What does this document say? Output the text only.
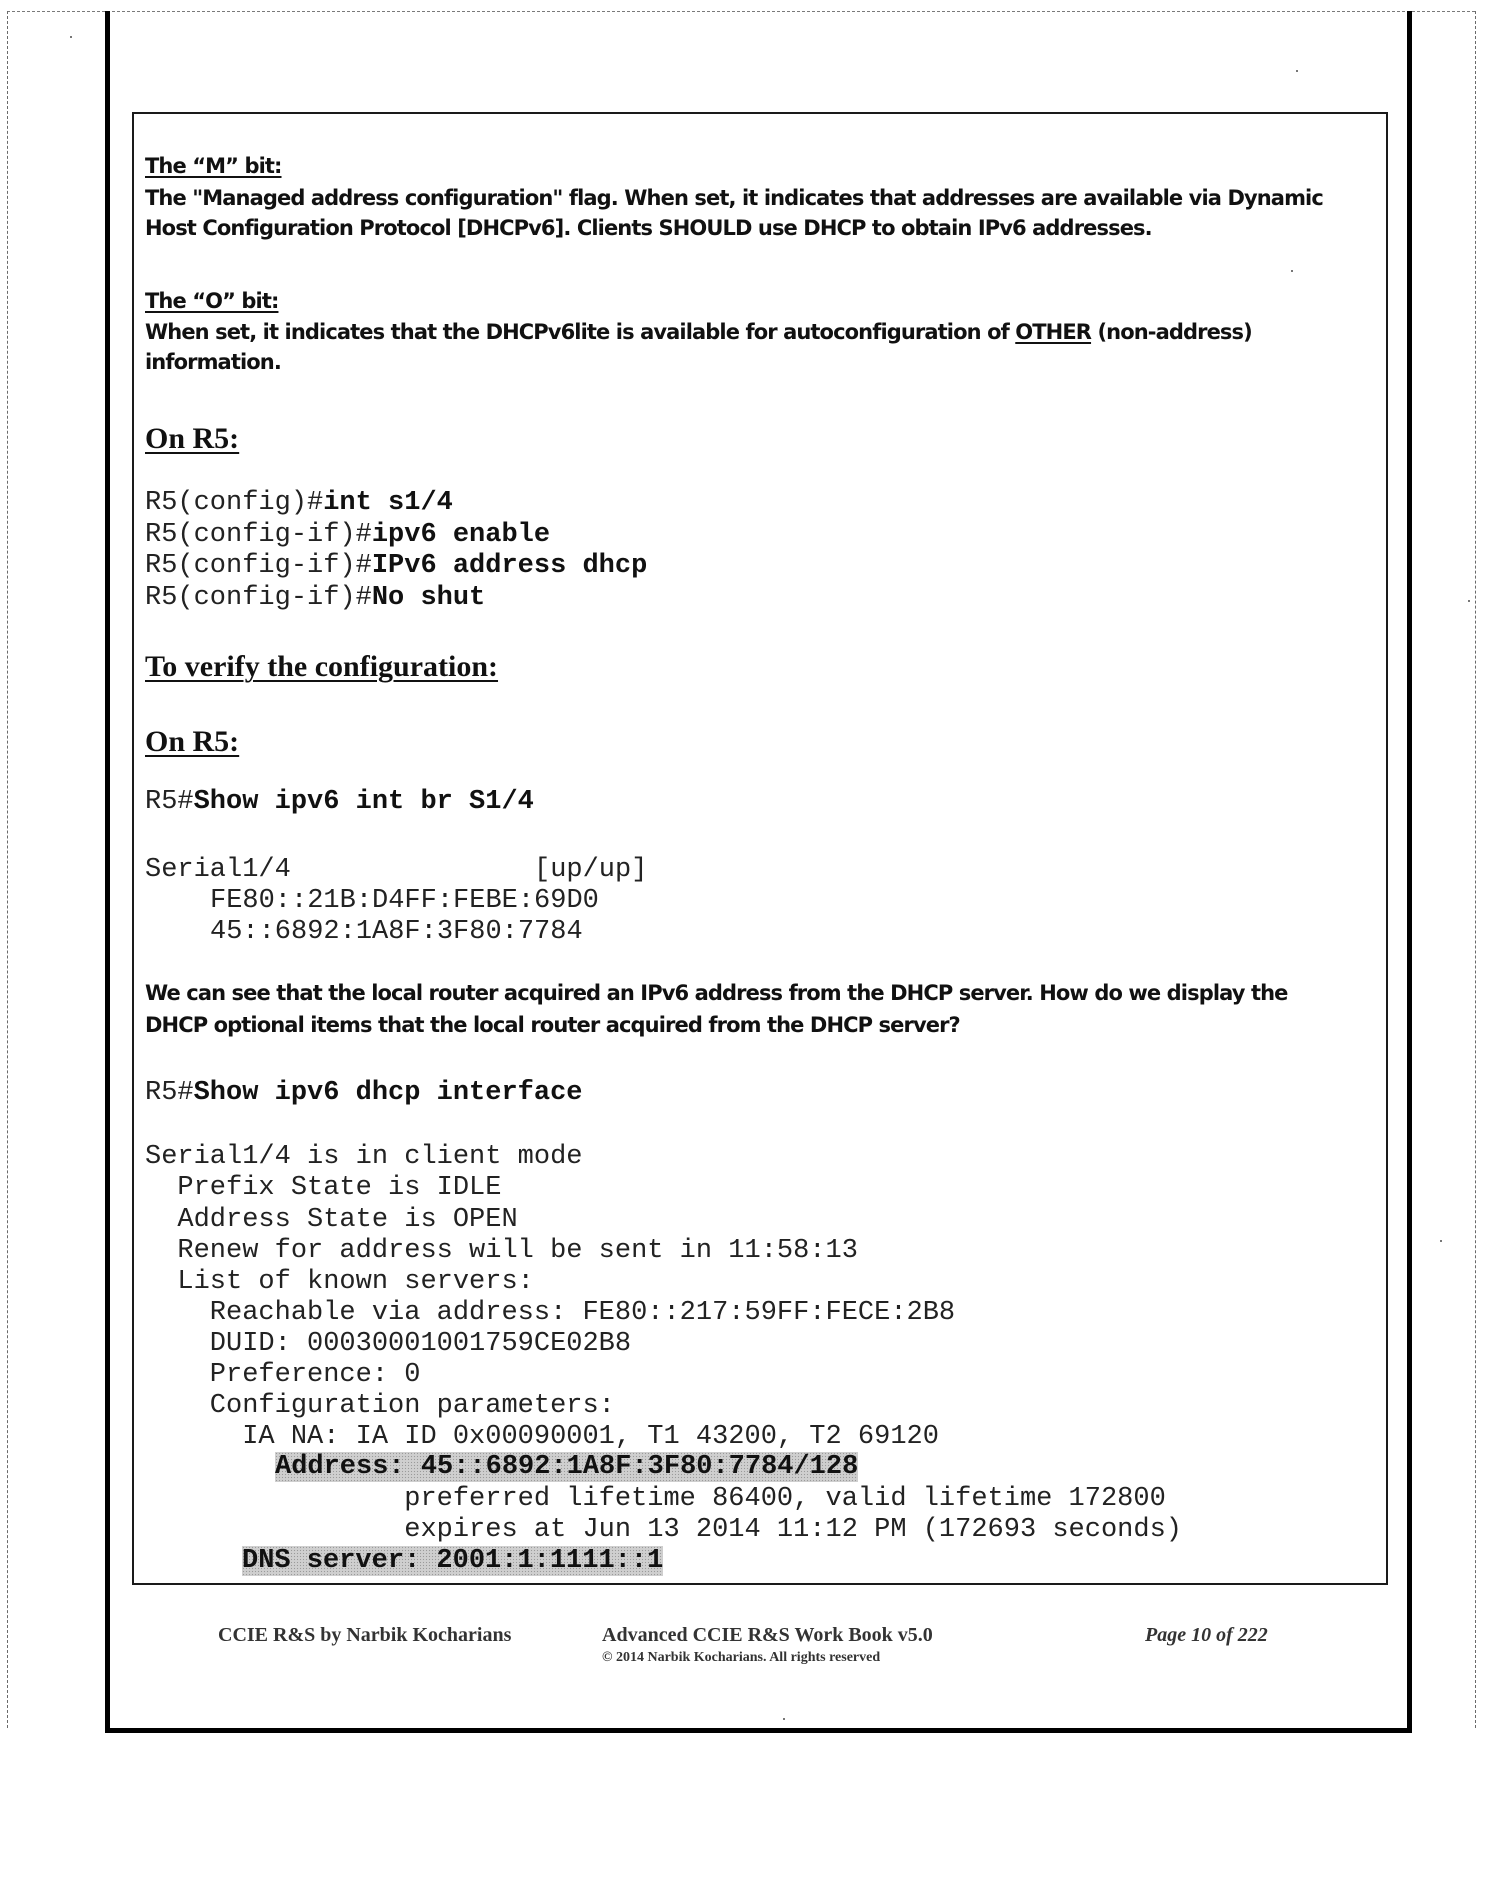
The “M” bit:
The "Managed address configuration" flag. When set, it indicates that addresses are available via Dynamic
Host Configuration Protocol [DHCPv6]. Clients SHOULD use DHCP to obtain IPv6 addresses.
The “O” bit:
When set, it indicates that the DHCPv6lite is available for autoconfiguration of OTHER (non-address)
information.
On R5:
R5(config)#int s1/4
R5(config-if)#ipv6 enable
R5(config-if)#IPv6 address dhcp
R5(config-if)#No shut
To verify the configuration:
On R5:
R5#Show ipv6 int br S1/4
Serial1/4	[up/up]
FE80::21B:D4FF:FEBE:69D0
45::6892:1A8F:3F80:7784
We can see that the local router acquired an IPv6 address from the DHCP server. How do we display the
DHCP optional items that the local router acquired from the DHCP server?
R5#Show ipv6 dhcp interface
Serial1/4 is in client mode
Prefix State is IDLE
Address State is OPEN
Renew for address will be sent in 11:58:13
List of known servers:
Reachable via address: FE80::217:59FF:FECE:2B8
DUID: 00030001001759CE02B8
Preference: 0
Configuration parameters:
IA NA: IA ID 0x00090001, T1 43200, T2 69120
Address: 45::6892:1A8F:3F80:7784/128
preferred lifetime 86400, valid lifetime 172800
expires at Jun 13 2014 11:12 PM (172693 seconds)
DNS server: 2001:1:1111::1
CCIE R&S by Narbik Kocharians	Advanced CCIE R&S Work Book v5.0
© 2014 Narbik Kocharians. All rights reserved
Page 10 of 222
